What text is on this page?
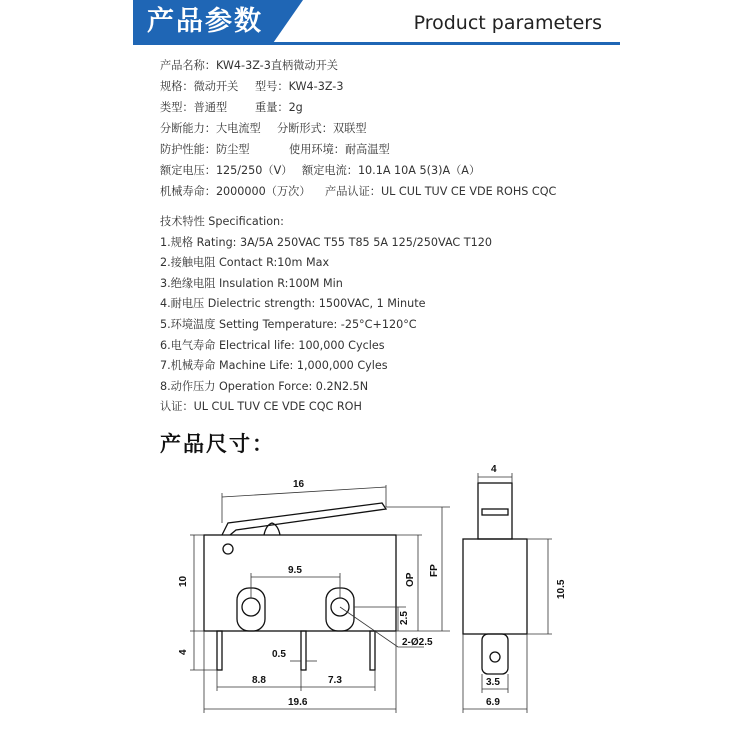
产品参数	Product parameters
产品名称：KW4-3Z-3直柄微动开关
规格：微动开关 型号：KW4-3Z-3
类型：普通型 重量：2g
分断能力：大电流型 分断形式：双联型
防护性能：防尘型	使用环境：耐高温型
额定电压：125/250（V） 额定电流：10.1A 10A 5(3)A（A）
机械寿命：2000000（万次） 产品认证：UL CUL TUV CE VDE ROHS CQC
技术特性 Specification:
1.规格 Rating: 3A/5A 250VAC T55 T85 5A 125/250VAC T120
2.接触电阻 Contact R:10m Max
3.绝缘电阻 Insulation R:100M Min
4.耐电压 Dielectric strength: 1500VAC, 1 Minute
5.环境温度 Setting Temperature: -25°C+120°C
6.电气寿命 Electrical life: 100,000 Cycles
7.机械寿命 Machine Life: 1,000,000 Cyles
8.动作压力 Operation Force: 0.2N2.5N
认证：UL CUL TUV CE VDE CQC ROH
产品尺寸：
16
10
4
9.5
OP
FP
2.5
2-Ø2.5
0.5
8.8	7.3
19.6
4
10.5
3.5
6.9
